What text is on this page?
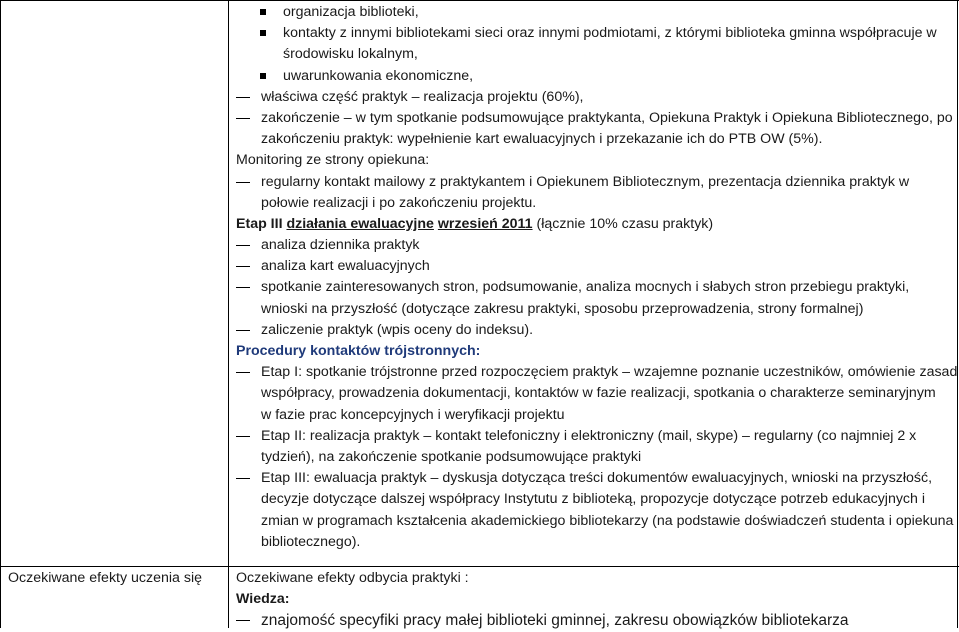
organizacja biblioteki,
kontakty z innymi bibliotekami sieci oraz innymi podmiotami, z którymi biblioteka gminna współpracuje w
środowisku lokalnym,
uwarunkowania ekonomiczne,
właściwa część praktyk – realizacja projektu (60%),
zakończenie – w tym spotkanie podsumowujące praktykanta, Opiekuna Praktyk i Opiekuna Bibliotecznego, po
zakończeniu praktyk: wypełnienie kart ewaluacyjnych i przekazanie ich do PTB OW (5%).
Monitoring ze strony opiekuna:
regularny kontakt mailowy z praktykantem i Opiekunem Bibliotecznym, prezentacja dziennika praktyk w
połowie realizacji i po zakończeniu projektu.
Etap III działania ewaluacyjne wrzesień 2011 (łącznie 10% czasu praktyk)
analiza dziennika praktyk
analiza kart ewaluacyjnych
spotkanie zainteresowanych stron, podsumowanie, analiza mocnych i słabych stron przebiegu praktyki,
wnioski na przyszłość (dotyczące zakresu praktyki, sposobu przeprowadzenia, strony formalnej)
zaliczenie praktyk (wpis oceny do indeksu).
Procedury kontaktów trójstronnych:
Etap I: spotkanie trójstronne przed rozpoczęciem praktyk – wzajemne poznanie uczestników, omówienie zasad
współpracy, prowadzenia dokumentacji, kontaktów w fazie realizacji, spotkania o charakterze seminaryjnym
w fazie prac koncepcyjnych i weryfikacji projektu
Etap II: realizacja praktyk – kontakt telefoniczny i elektroniczny (mail, skype) – regularny (co najmniej 2 x
tydzień), na zakończenie spotkanie podsumowujące praktyki
Etap III: ewaluacja praktyk – dyskusja dotycząca treści dokumentów ewaluacyjnych, wnioski na przyszłość,
decyzje dotyczące dalszej współpracy Instytutu z biblioteką, propozycje dotyczące potrzeb edukacyjnych i
zmian w programach kształcenia akademickiego bibliotekarzy (na podstawie doświadczeń studenta i opiekuna
bibliotecznego).
Oczekiwane efekty uczenia się Oczekiwane efekty odbycia praktyki :
Wiedza:
znajomość specyfiki pracy małej biblioteki gminnej, zakresu obowiązków bibliotekarza
